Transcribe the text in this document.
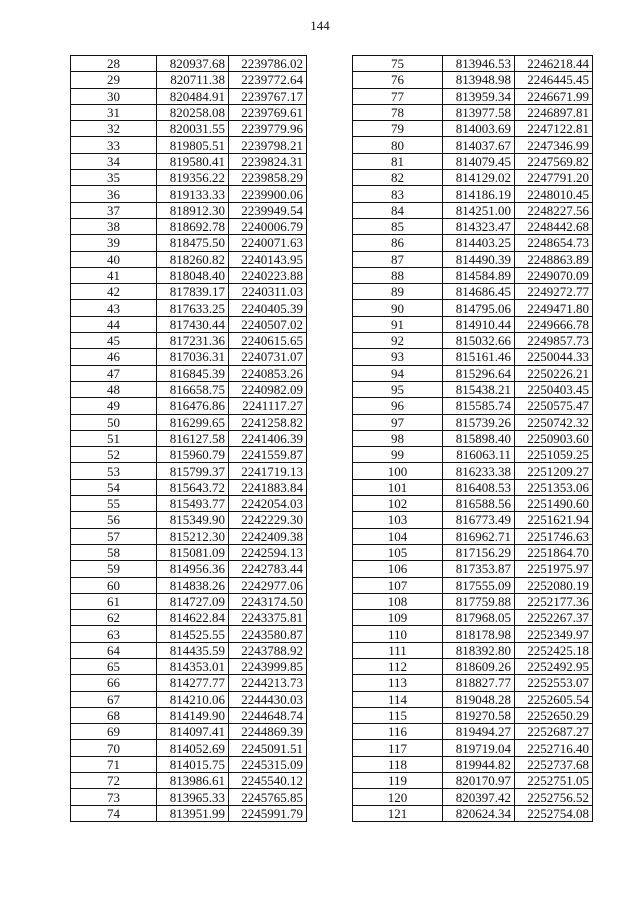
144
28	820937.68	2239786.02
29	820711.38	2239772.64
30	820484.91	2239767.17
31	820258.08	2239769.61
32	820031.55	2239779.96
33	819805.51	2239798.21
34	819580.41	2239824.31
35	819356.22	2239858.29
36	819133.33	2239900.06
37	818912.30	2239949.54
38	818692.78	2240006.79
39	818475.50	2240071.63
40	818260.82	2240143.95
41	818048.40	2240223.88
42	817839.17	2240311.03
43	817633.25	2240405.39
44	817430.44	2240507.02
45	817231.36	2240615.65
46	817036.31	2240731.07
47	816845.39	2240853.26
48	816658.75	2240982.09
49	816476.86	2241117.27
50	816299.65	2241258.82
51	816127.58	2241406.39
52	815960.79	2241559.87
53	815799.37	2241719.13
54	815643.72	2241883.84
55	815493.77	2242054.03
56	815349.90	2242229.30
57	815212.30	2242409.38
58	815081.09	2242594.13
59	814956.36	2242783.44
60	814838.26	2242977.06
61	814727.09	2243174.50
62	814622.84	2243375.81
63	814525.55	2243580.87
64	814435.59	2243788.92
65	814353.01	2243999.85
66	814277.77	2244213.73
67	814210.06	2244430.03
68	814149.90	2244648.74
69	814097.41	2244869.39
70	814052.69	2245091.51
71	814015.75	2245315.09
72	813986.61	2245540.12
73	813965.33	2245765.85
74	813951.99	2245991.79
75	813946.53	2246218.44
76	813948.98	2246445.45
77	813959.34	2246671.99
78	813977.58	2246897.81
79	814003.69	2247122.81
80	814037.67	2247346.99
81	814079.45	2247569.82
82	814129.02	2247791.20
83	814186.19	2248010.45
84	814251.00	2248227.56
85	814323.47	2248442.68
86	814403.25	2248654.73
87	814490.39	2248863.89
88	814584.89	2249070.09
89	814686.45	2249272.77
90	814795.06	2249471.80
91	814910.44	2249666.78
92	815032.66	2249857.73
93	815161.46	2250044.33
94	815296.64	2250226.21
95	815438.21	2250403.45
96	815585.74	2250575.47
97	815739.26	2250742.32
98	815898.40	2250903.60
99	816063.11	2251059.25
100	816233.38	2251209.27
101	816408.53	2251353.06
102	816588.56	2251490.60
103	816773.49	2251621.94
104	816962.71	2251746.63
105	817156.29	2251864.70
106	817353.87	2251975.97
107	817555.09	2252080.19
108	817759.88	2252177.36
109	817968.05	2252267.37
110	818178.98	2252349.97
111	818392.80	2252425.18
112	818609.26	2252492.95
113	818827.77	2252553.07
114	819048.28	2252605.54
115	819270.58	2252650.29
116	819494.27	2252687.27
117	819719.04	2252716.40
118	819944.82	2252737.68
119	820170.97	2252751.05
120	820397.42	2252756.52
121	820624.34	2252754.08
